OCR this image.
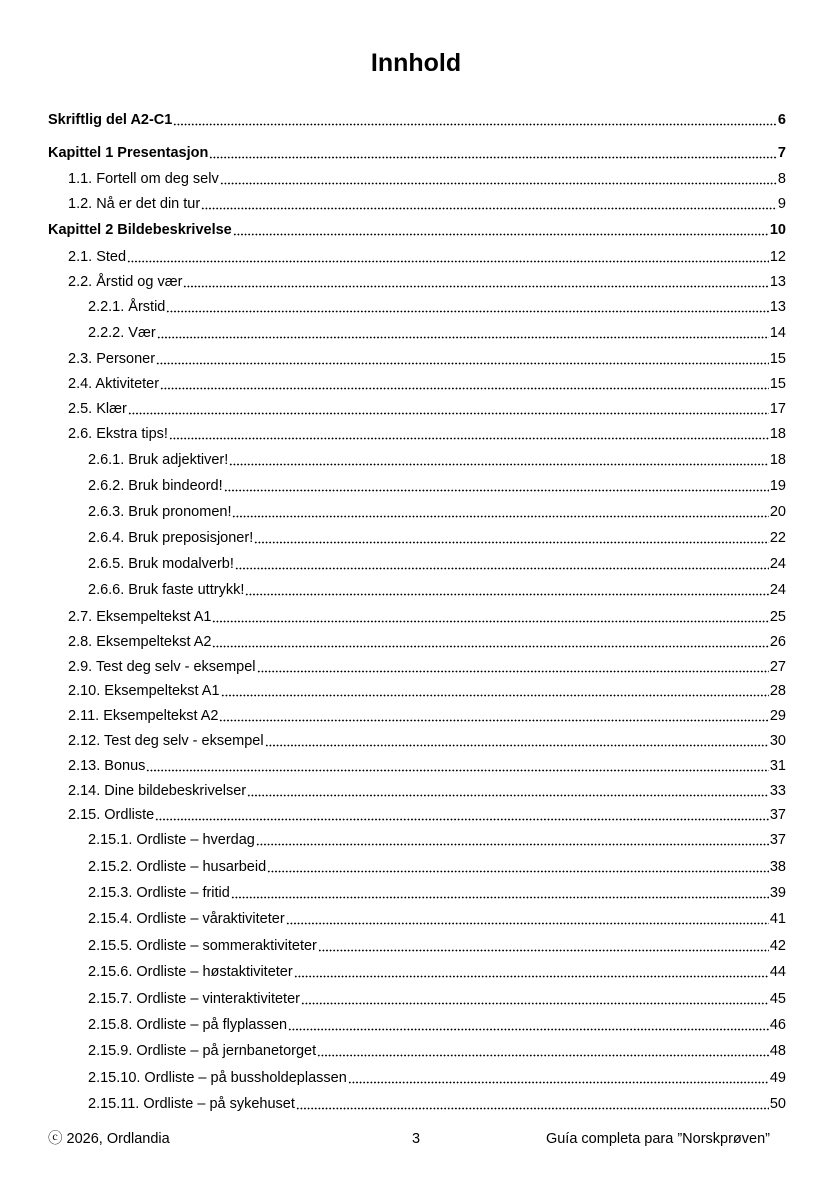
Innhold
Skriftlig del A2-C1	6
Kapittel 1 Presentasjon	7
1.1. Fortell om deg selv	8
1.2. Nå er det din tur	9
Kapittel 2 Bildebeskrivelse	10
2.1. Sted	12
2.2. Årstid og vær	13
2.2.1. Årstid	13
2.2.2. Vær	14
2.3. Personer	15
2.4. Aktiviteter	15
2.5. Klær	17
2.6. Ekstra tips!	18
2.6.1. Bruk adjektiver!	18
2.6.2. Bruk bindeord!	19
2.6.3. Bruk pronomen!	20
2.6.4. Bruk preposisjoner!	22
2.6.5. Bruk modalverb!	24
2.6.6. Bruk faste uttrykk!	24
2.7. Eksempeltekst A1	25
2.8. Eksempeltekst A2	26
2.9. Test deg selv - eksempel	27
2.10. Eksempeltekst A1	28
2.11. Eksempeltekst A2	29
2.12. Test deg selv - eksempel	30
2.13. Bonus	31
2.14. Dine bildebeskrivelser	33
2.15. Ordliste	37
2.15.1. Ordliste – hverdag	37
2.15.2. Ordliste – husarbeid	38
2.15.3. Ordliste – fritid	39
2.15.4. Ordliste – våraktiviteter	41
2.15.5. Ordliste – sommeraktiviteter	42
2.15.6. Ordliste – høstaktiviteter	44
2.15.7. Ordliste – vinteraktiviteter	45
2.15.8. Ordliste – på flyplassen	46
2.15.9. Ordliste – på jernbanetorget	48
2.15.10. Ordliste – på bussholdeplassen	49
2.15.11. Ordliste – på sykehuset	50
ⓒ 2026, Ordlandia	3	Guía completa para ”Norskprøven”
